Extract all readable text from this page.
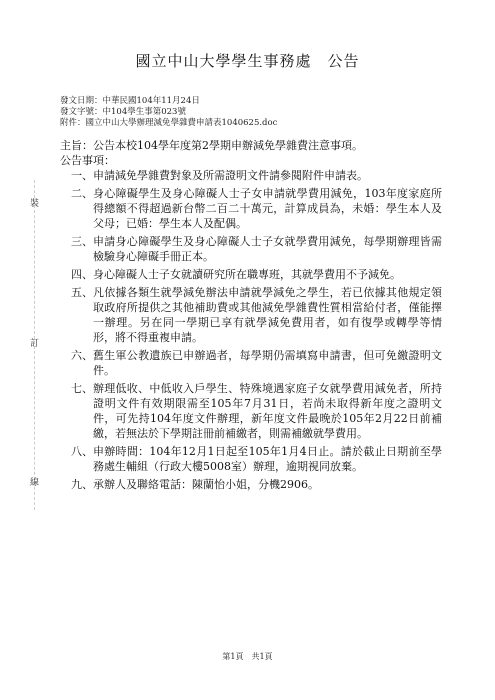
國立中山大學學生事務處　公告
發文日期：中華民國104年11月24日
發文字號：中104學生事第023號
附件：國立中山大學辦理減免學雜費申請表1040625.doc
主旨：公告本校104學年度第2學期申辦減免學雜費注意事項。
公告事項：
一、 申請減免學雜費對象及所需證明文件請參閱附件申請表。
二、 身心障礙學生及身心障礙人士子女申請就學費用減免，103年度家庭所得總額不得超過新台幣二百二十萬元，計算成員為，未婚：學生本人及父母；已婚：學生本人及配偶。
三、 申請身心障礙學生及身心障礙人士子女就學費用減免，每學期辦理皆需檢驗身心障礙手冊正本。
四、 身心障礙人士子女就讀研究所在職專班，其就學費用不予減免。
五、 凡依據各類生就學減免辦法申請就學減免之學生，若已依據其他規定領取政府所提供之其他補助費或其他減免學雜費性質相當給付者，僅能擇一辦理。另在同一學期已享有就學減免費用者，如有復學或轉學等情形，將不得重複申請。
六、 舊生軍公教遺族已申辦過者，每學期仍需填寫申請書，但可免繳證明文件。
七、 辦理低收、中低收入戶學生、特殊境遇家庭子女就學費用減免者，所持證明文件有效期限需至105年7月31日，若尚未取得新年度之證明文件，可先持104年度文件辦理，新年度文件最晚於105年2月22日前補繳，若無法於下學期註冊前補繳者，則需補繳就學費用。
八、 申辦時間：104年12月1日起至105年1月4日止。請於截止日期前至學務處生輔組（行政大樓5008室）辦理，逾期視同放棄。
九、 承辦人及聯絡電話：陳蘭怡小姐，分機2906。
裝
訂
線
第1頁　共1頁
